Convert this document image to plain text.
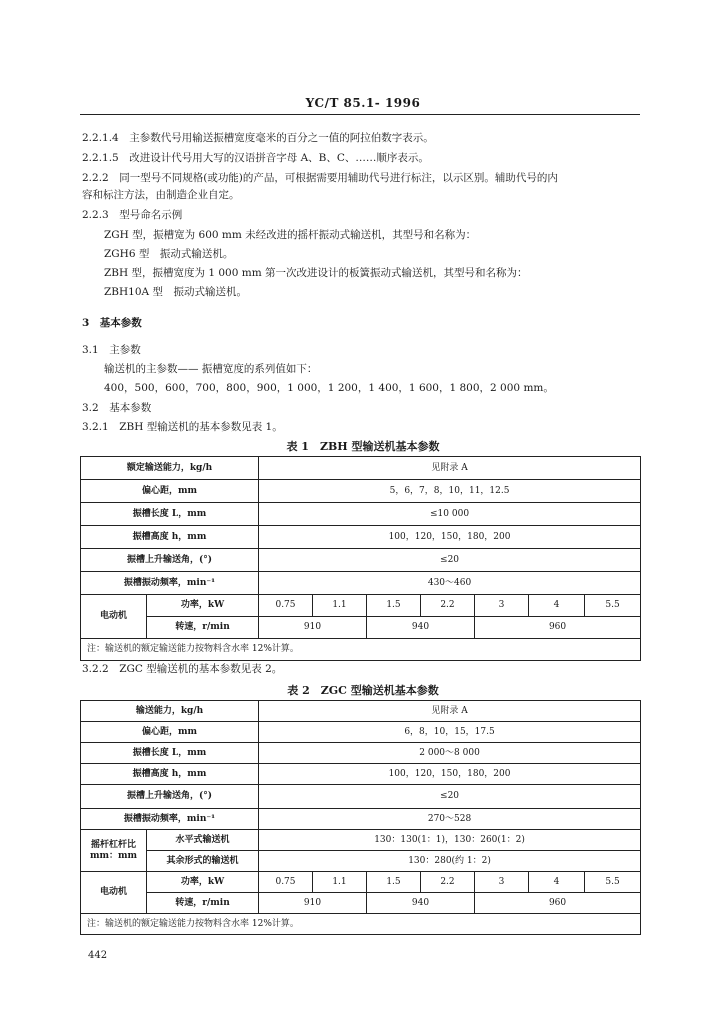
YC/T 85.1- 1996
2.2.1.4　主参数代号用输送振槽宽度毫米的百分之一值的阿拉伯数字表示。
2.2.1.5　改进设计代号用大写的汉语拼音字母 A、B、C、……顺序表示。
2.2.2　同一型号不同规格(或功能)的产品，可根据需要用辅助代号进行标注，以示区别。辅助代号的内
容和标注方法，由制造企业自定。
2.2.3　型号命名示例
ZGH 型，振槽宽为 600 mm 未经改进的摇杆振动式输送机，其型号和名称为：
ZGH6 型　振动式输送机。
ZBH 型，振槽宽度为 1 000 mm 第一次改进设计的板簧振动式输送机，其型号和名称为：
ZBH10A 型　振动式输送机。
3　基本参数
3.1　主参数
输送机的主参数—— 振槽宽度的系列值如下：
400，500，600，700，800，900，1 000，1 200，1 400，1 600，1 800，2 000 mm。
3.2　基本参数
3.2.1　ZBH 型输送机的基本参数见表 1。
表 1　ZBH 型输送机基本参数
额定输送能力，kg/h		见附录 A						
偏心距，mm		5，6，7，8，10，11，12.5						
振槽长度 L，mm		≤10 000						
振槽高度 h，mm		100，120，150，180，200						
振槽上升输送角，(°)		≤20						
振槽振动频率，min⁻¹		430～460						
电动机	功率，kW	0.75	1.1	1.5	2.2	3	4	5.5
	转速，r/min	910		940		960		
注：输送机的额定输送能力按物料含水率 12%计算。								
3.2.2　ZGC 型输送机的基本参数见表 2。
表 2　ZGC 型输送机基本参数
输送能力，kg/h		见附录 A						
偏心距，mm		6，8，10，15，17.5						
振槽长度 L，mm		2 000～8 000						
振槽高度 h，mm		100，120，150，180，200						
振槽上升输送角，(°)		≤20						
振槽振动频率，min⁻¹		270～528						

摇杆杠杆比
mm：mm	水平式输送机	130：130(1：1)，130：260(1：2)						
	其余形式的输送机	130：280(约 1：2)						
电动机	功率，kW	0.75	1.1	1.5	2.2	3	4	5.5
	转速，r/min	910		940		960		
注：输送机的额定输送能力按物料含水率 12%计算。								
442
